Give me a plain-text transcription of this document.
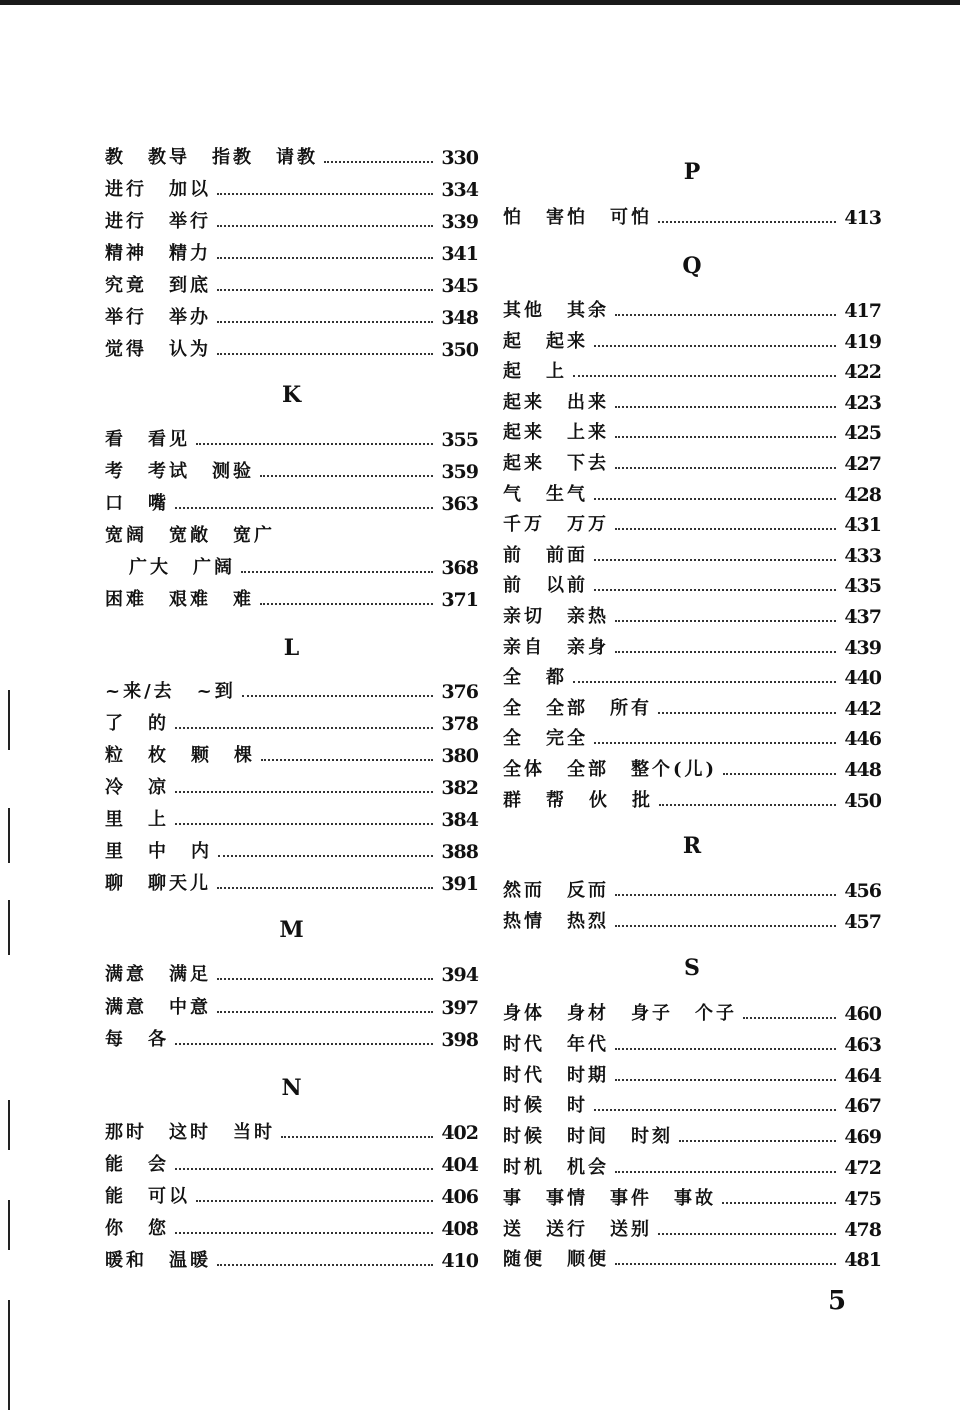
教 教导 指教 请教	330
进行 加以	334
进行 举行	339
精神 精力	341
究竟 到底	345
举行 举办	348
觉得 认为	350
K
看 看见	355
考 考试 测验	359
口 嘴	363
宽阔 宽敞 宽广
广大 广阔	368
困难 艰难 难	371
L
~来/去 ~到	376
了 的	378
粒 枚 颗 棵	380
冷 凉	382
里 上	384
里 中 内	388
聊 聊天儿	391
M
满意 满足	394
满意 中意	397
每 各	398
N
那时 这时 当时	402
能 会	404
能 可以	406
你 您	408
暖和 温暖	410
P
怕 害怕 可怕	413
Q
其他 其余	417
起 起来	419
起 上	422
起来 出来	423
起来 上来	425
起来 下去	427
气 生气	428
千万 万万	431
前 前面	433
前 以前	435
亲切 亲热	437
亲自 亲身	439
全 都	440
全 全部 所有	442
全 完全	446
全体 全部 整个(儿)	448
群 帮 伙 批	450
R
然而 反而	456
热情 热烈	457
S
身体 身材 身子 个子	460
时代 年代	463
时代 时期	464
时候 时	467
时候 时间 时刻	469
时机 机会	472
事 事情 事件 事故	475
送 送行 送别	478
随便 顺便	481
5
